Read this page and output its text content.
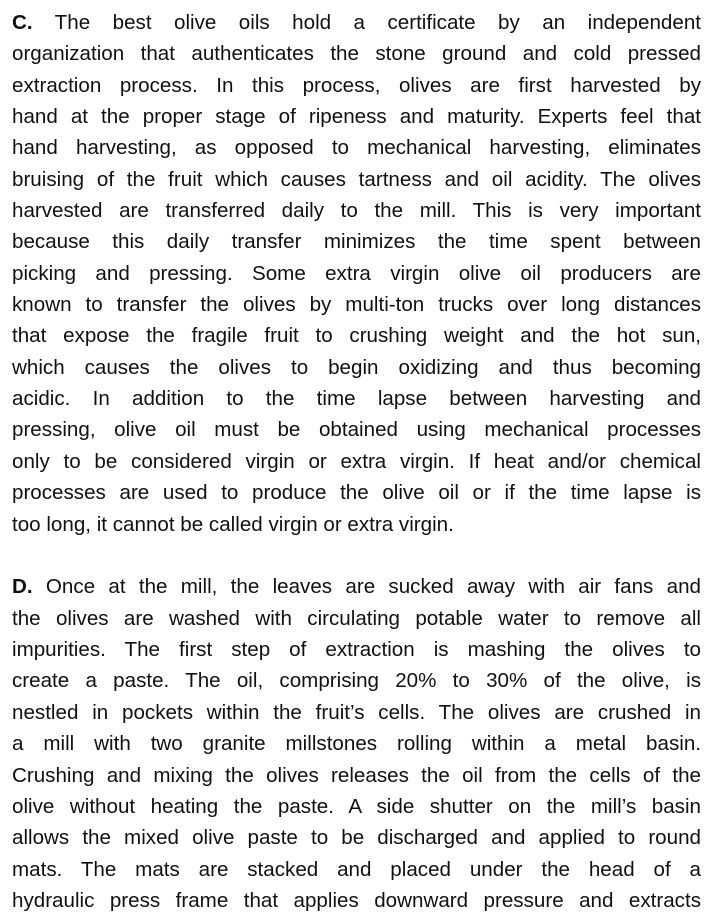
C. The best olive oils hold a certificate by an independent
organization that authenticates the stone ground and cold pressed
extraction process. In this process, olives are first harvested by
hand at the proper stage of ripeness and maturity. Experts feel that
hand harvesting, as opposed to mechanical harvesting, eliminates
bruising of the fruit which causes tartness and oil acidity. The olives
harvested are transferred daily to the mill. This is very important
because this daily transfer minimizes the time spent between
picking and pressing. Some extra virgin olive oil producers are
known to transfer the olives by multi-ton trucks over long distances
that expose the fragile fruit to crushing weight and the hot sun,
which causes the olives to begin oxidizing and thus becoming
acidic. In addition to the time lapse between harvesting and
pressing, olive oil must be obtained using mechanical processes
only to be considered virgin or extra virgin. If heat and/or chemical
processes are used to produce the olive oil or if the time lapse is
too long, it cannot be called virgin or extra virgin.

D. Once at the mill, the leaves are sucked away with air fans and
the olives are washed with circulating potable water to remove all
impurities. The first step of extraction is mashing the olives to
create a paste. The oil, comprising 20% to 30% of the olive, is
nestled in pockets within the fruit’s cells. The olives are crushed in
a mill with two granite millstones rolling within a metal basin.
Crushing and mixing the olives releases the oil from the cells of the
olive without heating the paste. A side shutter on the mill’s basin
allows the mixed olive paste to be discharged and applied to round
mats. The mats are stacked and placed under the head of a
hydraulic press frame that applies downward pressure and extracts
